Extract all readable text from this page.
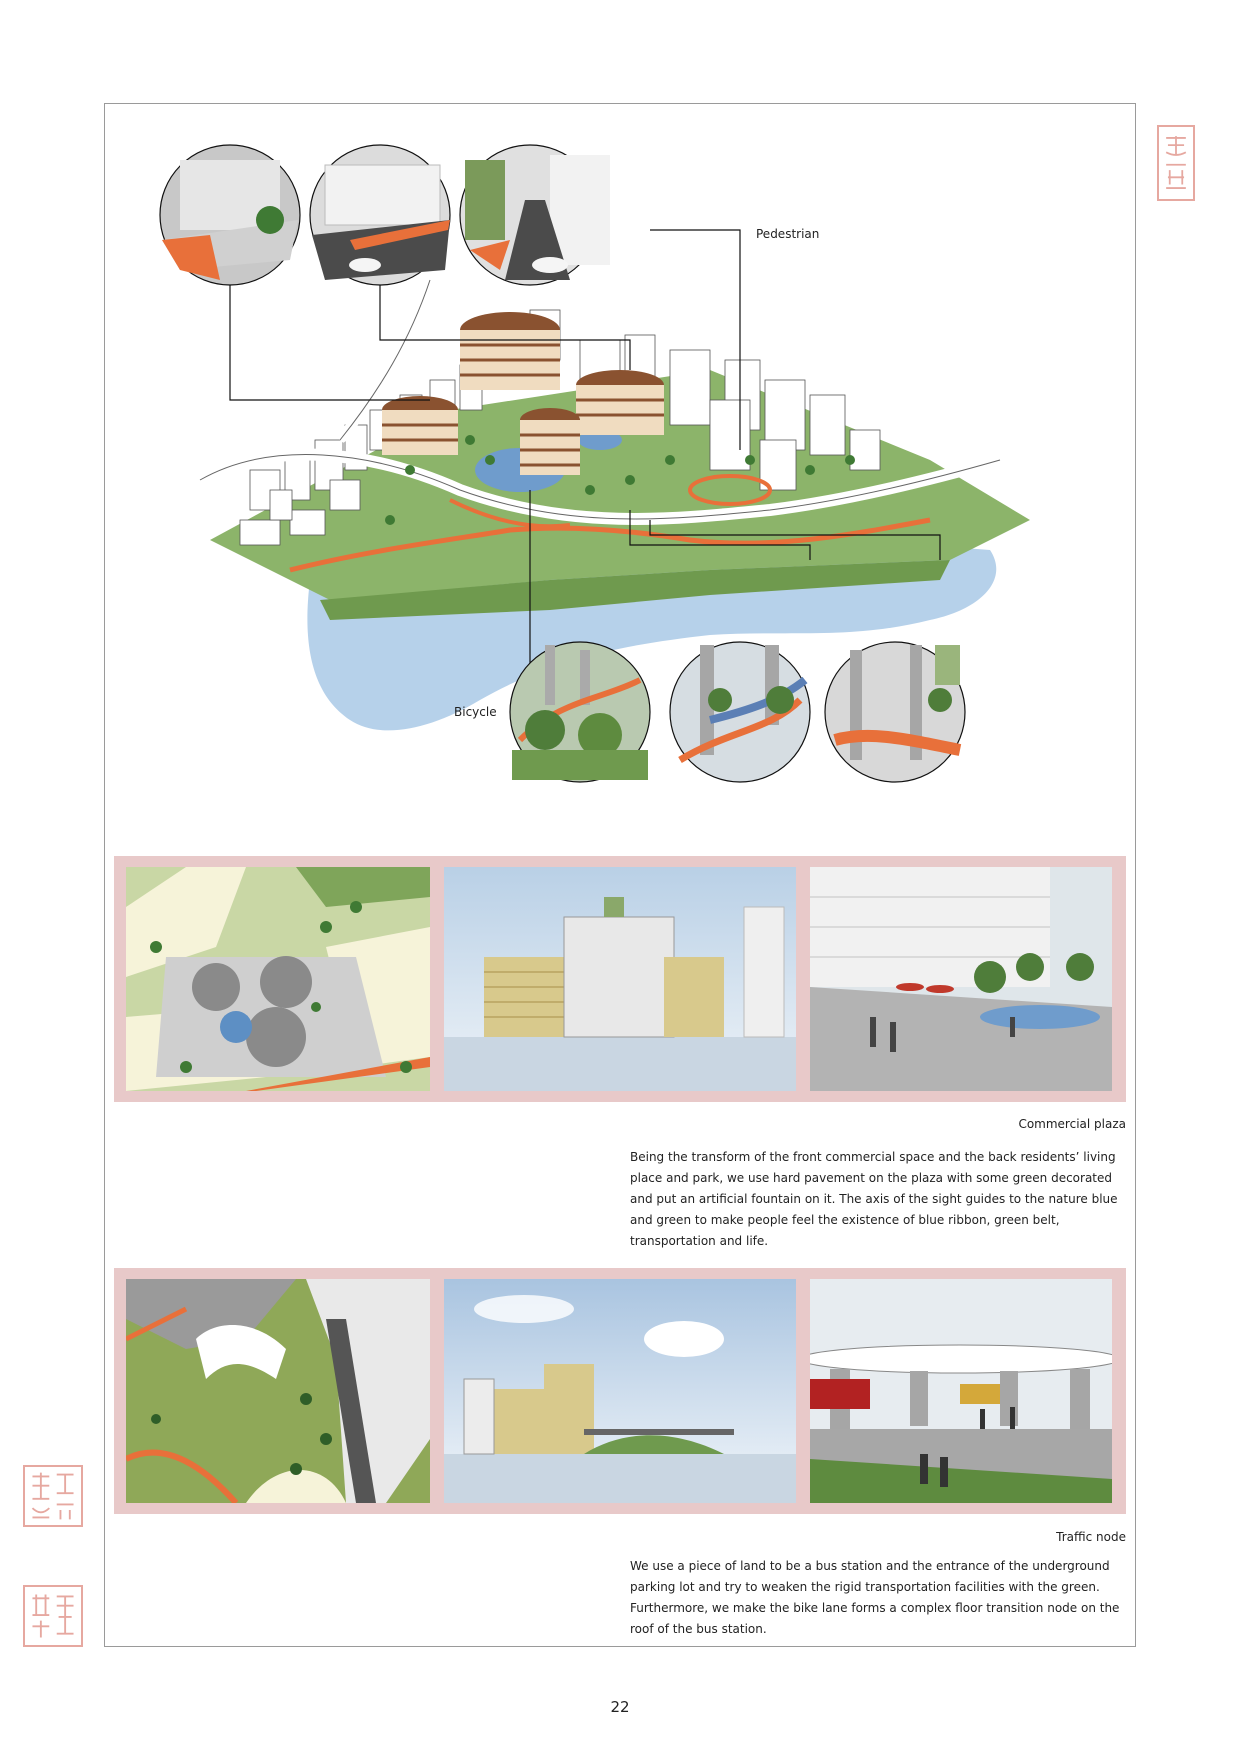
Pedestrian
Bicycle
Commercial plaza
Being the transform of the front commercial space and the back residents’ living place and park, we use hard pavement on the plaza with some green decorated and put an artificial fountain on it. The axis of the sight guides to the nature blue and green to make people feel the existence of blue ribbon, green belt, transportation and life.
Traffic node
We use a piece of land to be a bus station and the entrance of the underground parking lot and try to weaken the rigid transportation facilities with the green. Furthermore, we make the bike lane forms a complex floor transition node on the roof of the bus station.
22
